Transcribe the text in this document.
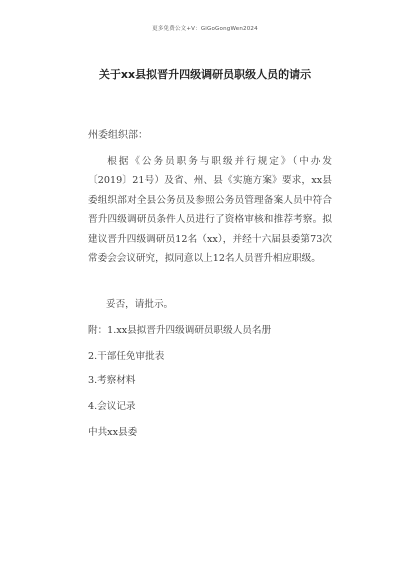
更多免费公文+V：GiGoGongWen2024
关于xx县拟晋升四级调研员职级人员的请示
州委组织部：

根据《公务员职务与职级并行规定》（中办发〔2019〕21号）及省、州、县《实施方案》要求，xx县委组织部对全县公务员及参照公务员管理备案人员中符合晋升四级调研员条件人员进行了资格审核和推荐考察。拟建议晋升四级调研员12名（xx），并经十六届县委第73次常委会会议研究，拟同意以上12名人员晋升相应职级。

妥否，请批示。
附：1.xx县拟晋升四级调研员职级人员名册
2.干部任免审批表
3.考察材料
4.会议记录
中共xx县委
